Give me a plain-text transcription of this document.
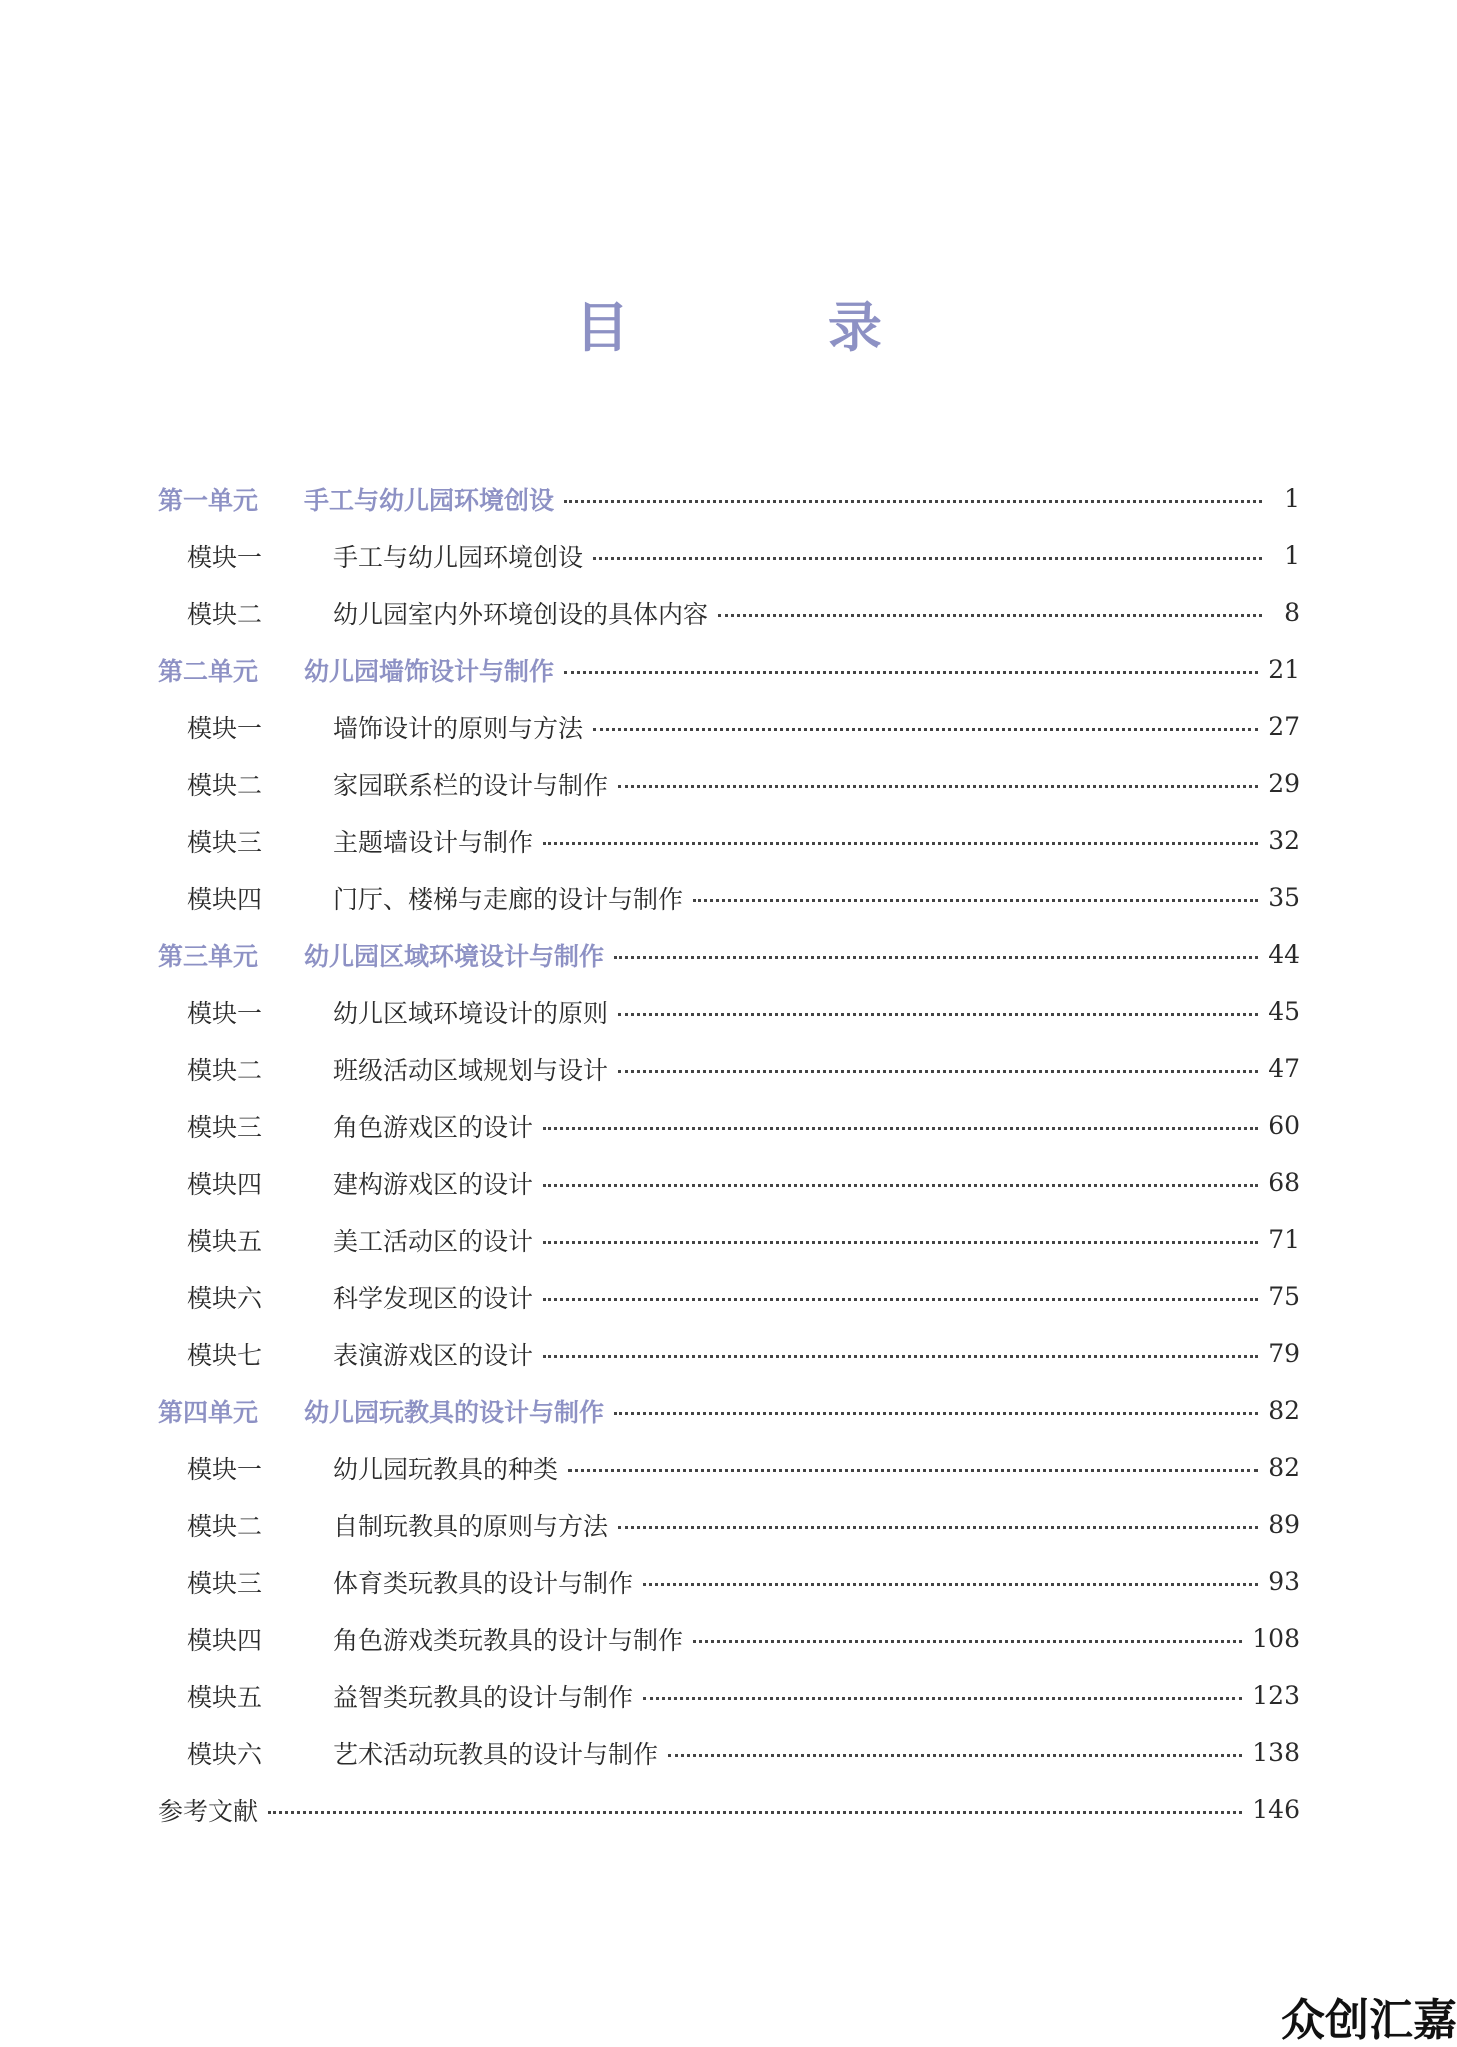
目 录
第一单元	手工与幼儿园环境创设	1
模块一	手工与幼儿园环境创设	1
模块二	幼儿园室内外环境创设的具体内容	8
第二单元	幼儿园墙饰设计与制作	21
模块一	墙饰设计的原则与方法	27
模块二	家园联系栏的设计与制作	29
模块三	主题墙设计与制作	32
模块四	门厅、楼梯与走廊的设计与制作	35
第三单元	幼儿园区域环境设计与制作	44
模块一	幼儿区域环境设计的原则	45
模块二	班级活动区域规划与设计	47
模块三	角色游戏区的设计	60
模块四	建构游戏区的设计	68
模块五	美工活动区的设计	71
模块六	科学发现区的设计	75
模块七	表演游戏区的设计	79
第四单元	幼儿园玩教具的设计与制作	82
模块一	幼儿园玩教具的种类	82
模块二	自制玩教具的原则与方法	89
模块三	体育类玩教具的设计与制作	93
模块四	角色游戏类玩教具的设计与制作	108
模块五	益智类玩教具的设计与制作	123
模块六	艺术活动玩教具的设计与制作	138
参考文献	146
众创汇嘉
